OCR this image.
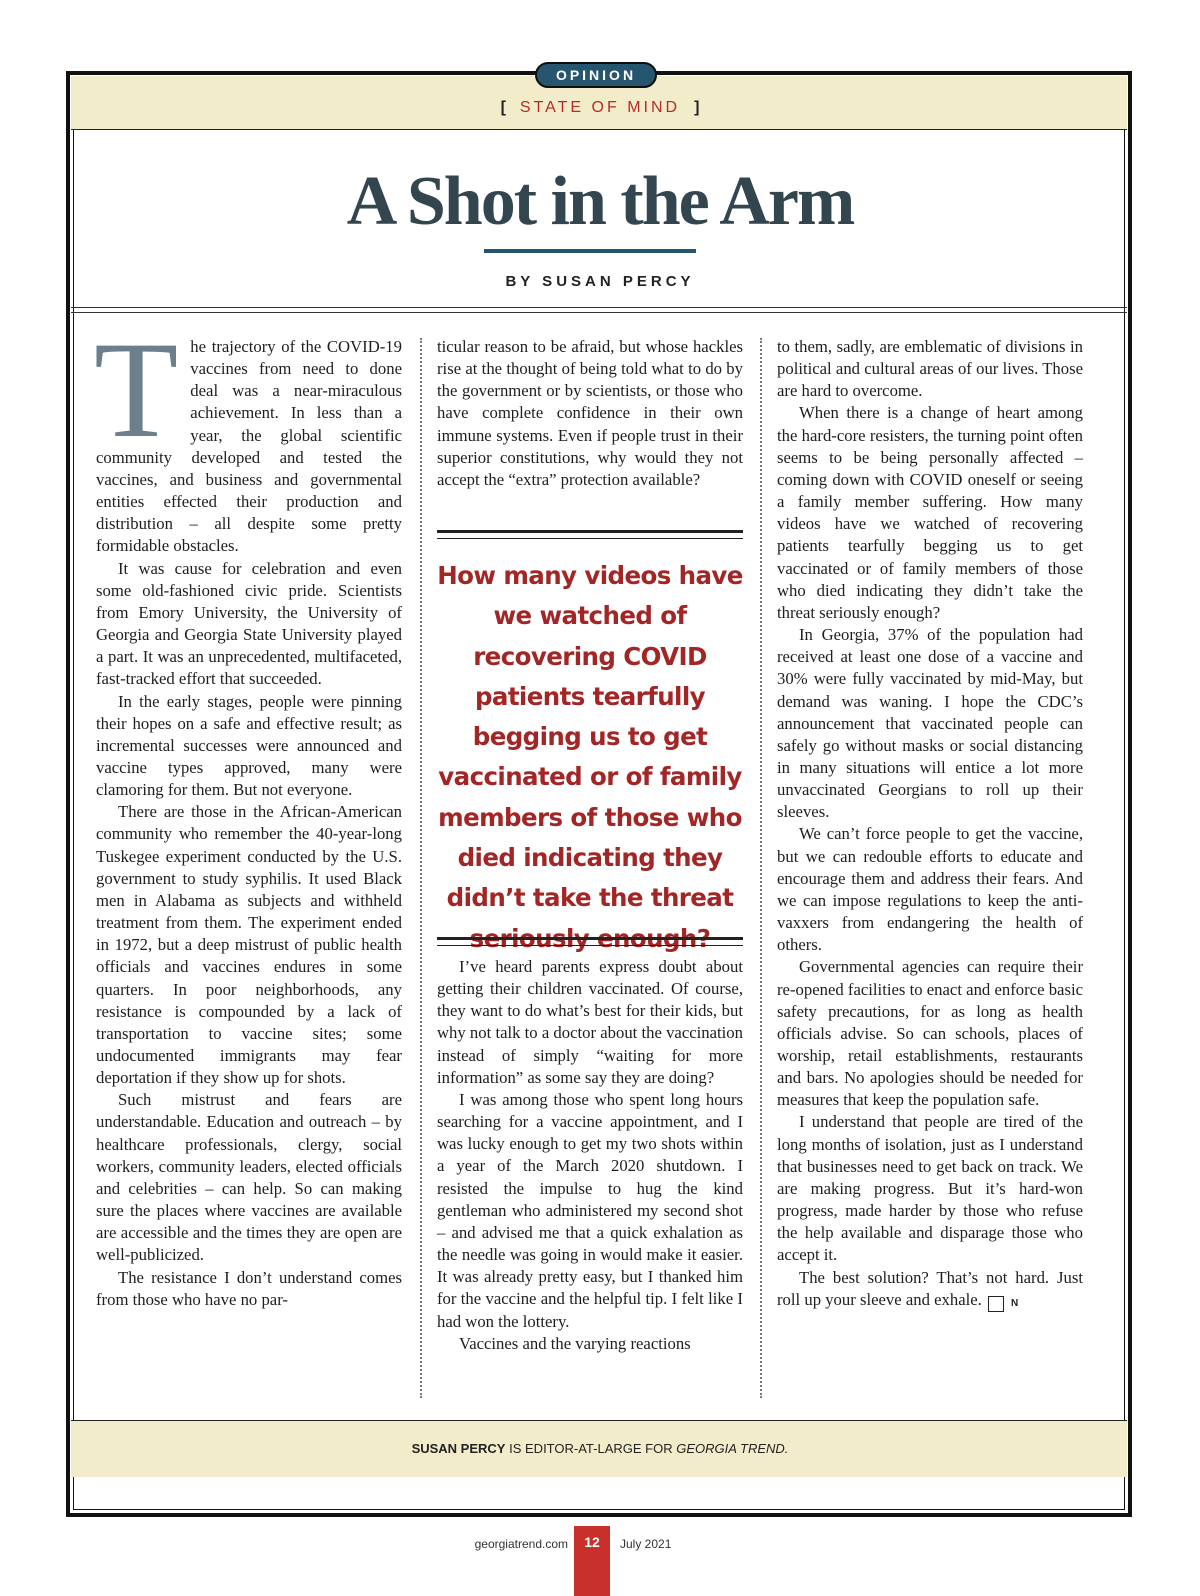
OPINION
[ STATE OF MIND ]
A Shot in the Arm
BY SUSAN PERCY

The trajectory of the COVID-19 vaccines from need to done deal was a near-miraculous achievement. In less than a year, the global scientific community developed and tested the vaccines, and business and governmental entities effected their production and distribution – all despite some pretty formidable obstacles.

It was cause for celebration and even some old-fashioned civic pride. Scientists from Emory University, the University of Georgia and Georgia State University played a part. It was an unprecedented, multifaceted, fast-tracked effort that succeeded.

In the early stages, people were pinning their hopes on a safe and effective result; as incremental successes were announced and vaccine types approved, many were clamoring for them. But not everyone.

There are those in the African-American community who remember the 40-year-long Tuskegee experiment conducted by the U.S. government to study syphilis. It used Black men in Alabama as subjects and withheld treatment from them. The experiment ended in 1972, but a deep mistrust of public health officials and vaccines endures in some quarters. In poor neighborhoods, any resistance is compounded by a lack of transportation to vaccine sites; some undocumented immigrants may fear deportation if they show up for shots.

Such mistrust and fears are understandable. Education and outreach – by healthcare professionals, clergy, social workers, community leaders, elected officials and celebrities – can help. So can making sure the places where vaccines are available are accessible and the times they are open are well-publicized.

The resistance I don’t understand comes from those who have no par-

ticular reason to be afraid, but whose hackles rise at the thought of being told what to do by the government or by scientists, or those who have complete confidence in their own immune systems. Even if people trust in their superior constitutions, why would they not accept the “extra” protection available?

How many videos have we watched of recovering COVID patients tearfully begging us to get vaccinated or of family members of those who died indicating they didn’t take the threat seriously enough?

I’ve heard parents express doubt about getting their children vaccinated. Of course, they want to do what’s best for their kids, but why not talk to a doctor about the vaccination instead of simply “waiting for more information” as some say they are doing?

I was among those who spent long hours searching for a vaccine appointment, and I was lucky enough to get my two shots within a year of the March 2020 shutdown. I resisted the impulse to hug the kind gentleman who administered my second shot – and advised me that a quick exhalation as the needle was going in would make it easier. It was already pretty easy, but I thanked him for the vaccine and the helpful tip. I felt like I had won the lottery.

Vaccines and the varying reactions

to them, sadly, are emblematic of divisions in political and cultural areas of our lives. Those are hard to overcome.

When there is a change of heart among the hard-core resisters, the turning point often seems to be being personally affected – coming down with COVID oneself or seeing a family member suffering. How many videos have we watched of recovering patients tearfully begging us to get vaccinated or of family members of those who died indicating they didn’t take the threat seriously enough?

In Georgia, 37% of the population had received at least one dose of a vaccine and 30% were fully vaccinated by mid-May, but demand was waning. I hope the CDC’s announcement that vaccinated people can safely go without masks or social distancing in many situations will entice a lot more unvaccinated Georgians to roll up their sleeves.

We can’t force people to get the vaccine, but we can redouble efforts to educate and encourage them and address their fears. And we can impose regulations to keep the anti-vaxxers from endangering the health of others.

Governmental agencies can require their re-opened facilities to enact and enforce basic safety precautions, for as long as health officials advise. So can schools, places of worship, retail establishments, restaurants and bars. No apologies should be needed for measures that keep the population safe.

I understand that people are tired of the long months of isolation, just as I understand that businesses need to get back on track. We are making progress. But it’s hard-won progress, made harder by those who refuse the help available and disparage those who accept it.

The best solution? That’s not hard. Just roll up your sleeve and exhale.	N

SUSAN PERCY IS EDITOR-AT-LARGE FOR GEORGIA TREND.
georgiatrend.com	12	July 2021
